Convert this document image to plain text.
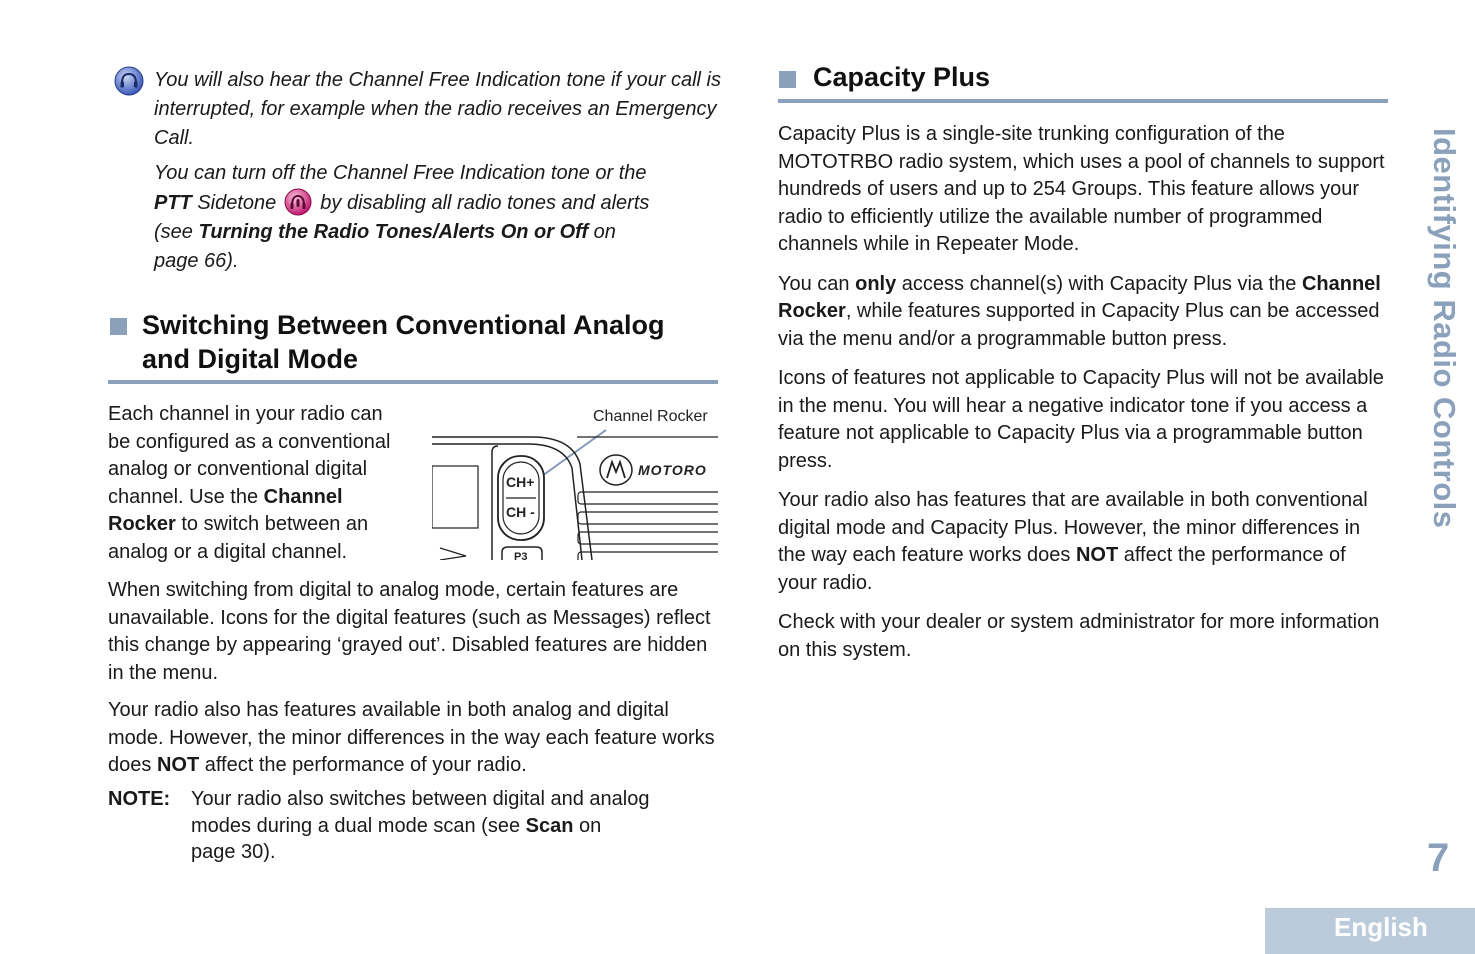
You will also hear the Channel Free Indication tone if your call is interrupted, for example when the radio receives an Emergency Call.

You can turn off the Channel Free Indication tone or the
PTT Sidetone by disabling all radio tones and alerts
(see Turning the Radio Tones/Alerts On or Off on
page 66).

Switching Between Conventional Analog
and Digital Mode
Each channel in your radio can
be configured as a conventional
analog or conventional digital
channel. Use the Channel
Rocker to switch between an
analog or a digital channel.
Channel Rocker
CH+
CH -
MOTORO
P3

When switching from digital to analog mode, certain features are unavailable. Icons for the digital features (such as Messages) reflect this change by appearing ‘grayed out’. Disabled features are hidden in the menu.

Your radio also has features available in both analog and digital mode. However, the minor differences in the way each feature works does NOT affect the performance of your radio.

NOTE: Your radio also switches between digital and analog modes during a dual mode scan (see Scan on
page 30).
Capacity Plus

Capacity Plus is a single-site trunking configuration of the MOTOTRBO radio system, which uses a pool of channels to support hundreds of users and up to 254 Groups. This feature allows your radio to efficiently utilize the available number of programmed channels while in Repeater Mode.

You can only access channel(s) with Capacity Plus via the Channel Rocker, while features supported in Capacity Plus can be accessed via the menu and/or a programmable button press.

Icons of features not applicable to Capacity Plus will not be available in the menu. You will hear a negative indicator tone if you access a feature not applicable to Capacity Plus via a programmable button press.

Your radio also has features that are available in both conventional digital mode and Capacity Plus. However, the minor differences in the way each feature works does NOT affect the performance of your radio.

Check with your dealer or system administrator for more information on this system.

Identifying Radio Controls
7
English
